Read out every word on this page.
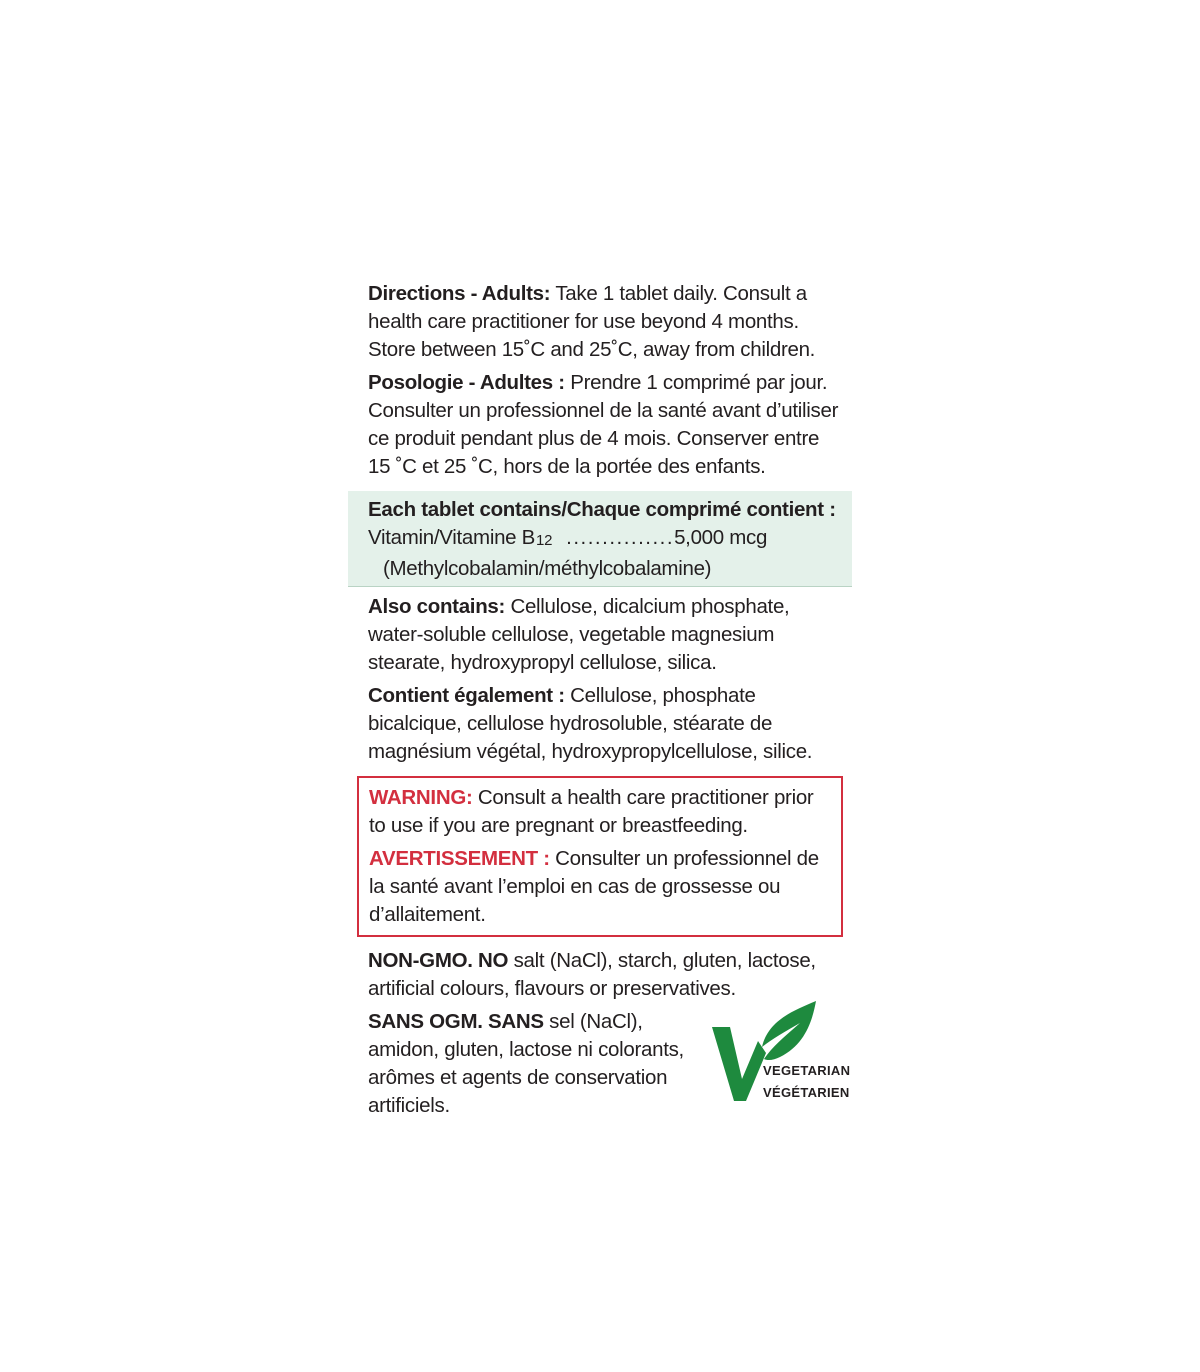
Directions - Adults: Take 1 tablet daily. Consult a health care practitioner for use beyond 4 months. Store between 15˚C and 25˚C, away from children.

Posologie - Adultes : Prendre 1 comprimé par jour. Consulter un professionnel de la santé avant d’utiliser ce produit pendant plus de 4 mois. Conserver entre 15 ˚C et 25 ˚C, hors de la portée des enfants.

Each tablet contains/Chaque comprimé contient :
Vitamin/Vitamine B12 ............... 5,000 mcg
(Methylcobalamin/méthylcobalamine)

Also contains: Cellulose, dicalcium phosphate, water-soluble cellulose, vegetable magnesium stearate, hydroxypropyl cellulose, silica.

Contient également : Cellulose, phosphate bicalcique, cellulose hydrosoluble, stéarate de magnésium végétal, hydroxypropylcellulose, silice.

WARNING: Consult a health care practitioner prior to use if you are pregnant or breastfeeding.

AVERTISSEMENT : Consulter un professionnel de la santé avant l’emploi en cas de grossesse ou d’allaitement.

NON-GMO. NO salt (NaCl), starch, gluten, lactose, artificial colours, flavours or preservatives.

SANS OGM. SANS sel (NaCl), amidon, gluten, lactose ni colorants, arômes et agents de conservation artificiels.

VEGETARIAN
VÉGÉTARIEN
